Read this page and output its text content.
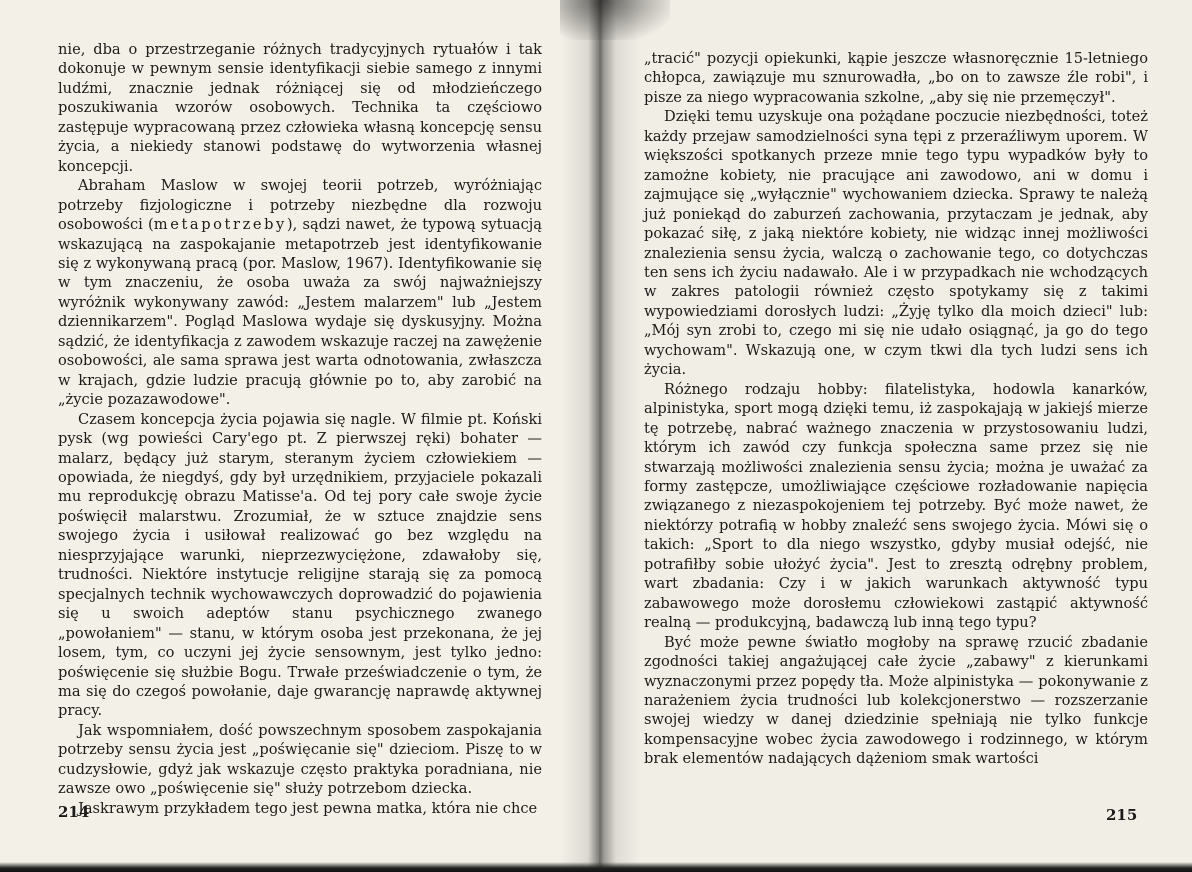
nie, dba o przestrzeganie różnych tradycyjnych rytuałów i tak dokonuje w pewnym sensie identyfikacji siebie samego z innymi ludźmi, znacznie jednak różniącej się od młodzieńczego poszukiwania wzorów osobowych. Technika ta częściowo zastępuje wypracowaną przez człowieka własną koncepcję sensu życia, a niekiedy stanowi podstawę do wytworzenia własnej koncepcji.

Abraham Maslow w swojej teorii potrzeb, wyróżniając potrzeby fizjologiczne i potrzeby niezbędne dla rozwoju osobowości (metapotrzeby), sądzi nawet, że typową sytuacją wskazującą na zaspokajanie metapotrzeb jest identyfikowanie się z wykonywaną pracą (por. Maslow, 1967). Identyfikowanie się w tym znaczeniu, że osoba uważa za swój najważniejszy wyróżnik wykonywany zawód: „Jestem malarzem" lub „Jestem dziennikarzem". Pogląd Maslowa wydaje się dyskusyjny. Można sądzić, że identyfikacja z zawodem wskazuje raczej na zawężenie osobowości, ale sama sprawa jest warta odnotowania, zwłaszcza w krajach, gdzie ludzie pracują głównie po to, aby zarobić na „życie pozazawodowe".

Czasem koncepcja życia pojawia się nagle. W filmie pt. Koński pysk (wg powieści Cary'ego pt. Z pierwszej ręki) bohater — malarz, będący już starym, steranym życiem człowiekiem — opowiada, że niegdyś, gdy był urzędnikiem, przyjaciele pokazali mu reprodukcję obrazu Matisse'a. Od tej pory całe swoje życie poświęcił malarstwu. Zrozumiał, że w sztuce znajdzie sens swojego życia i usiłował realizować go bez względu na niesprzyjające warunki, nieprzezwyciężone, zdawałoby się, trudności. Niektóre instytucje religijne starają się za pomocą specjalnych technik wychowawczych doprowadzić do pojawienia się u swoich adeptów stanu psychicznego zwanego „powołaniem" — stanu, w którym osoba jest przekonana, że jej losem, tym, co uczyni jej życie sensownym, jest tylko jedno: poświęcenie się służbie Bogu. Trwałe przeświadczenie o tym, że ma się do czegoś powołanie, daje gwarancję naprawdę aktywnej pracy.

Jak wspomniałem, dość powszechnym sposobem zaspokajania potrzeby sensu życia jest „poświęcanie się" dzieciom. Piszę to w cudzysłowie, gdyż jak wskazuje często praktyka poradniana, nie zawsze owo „poświęcenie się" służy potrzebom dziecka.

Jaskrawym przykładem tego jest pewna matka, która nie chce

214

„tracić" pozycji opiekunki, kąpie jeszcze własnoręcznie 15-letniego chłopca, zawiązuje mu sznurowadła, „bo on to zawsze źle robi", i pisze za niego wypracowania szkolne, „aby się nie przemęczył".

Dzięki temu uzyskuje ona pożądane poczucie niezbędności, toteż każdy przejaw samodzielności syna tępi z przeraźliwym uporem. W większości spotkanych przeze mnie tego typu wypadków były to zamożne kobiety, nie pracujące ani zawodowo, ani w domu i zajmujące się „wyłącznie" wychowaniem dziecka. Sprawy te należą już poniekąd do zaburzeń zachowania, przytaczam je jednak, aby pokazać siłę, z jaką niektóre kobiety, nie widząc innej możliwości znalezienia sensu życia, walczą o zachowanie tego, co dotychczas ten sens ich życiu nadawało. Ale i w przypadkach nie wchodzących w zakres patologii również często spotykamy się z takimi wypowiedziami dorosłych ludzi: „Żyję tylko dla moich dzieci" lub: „Mój syn zrobi to, czego mi się nie udało osiągnąć, ja go do tego wychowam". Wskazują one, w czym tkwi dla tych ludzi sens ich życia.

Różnego rodzaju hobby: filatelistyka, hodowla kanarków, alpinistyka, sport mogą dzięki temu, iż zaspokajają w jakiejś mierze tę potrzebę, nabrać ważnego znaczenia w przystosowaniu ludzi, którym ich zawód czy funkcja społeczna same przez się nie stwarzają możliwości znalezienia sensu życia; można je uważać za formy zastępcze, umożliwiające częściowe rozładowanie napięcia związanego z niezaspokojeniem tej potrzeby. Być może nawet, że niektórzy potrafią w hobby znaleźć sens swojego życia. Mówi się o takich: „Sport to dla niego wszystko, gdyby musiał odejść, nie potrafiłby sobie ułożyć życia". Jest to zresztą odrębny problem, wart zbadania: Czy i w jakich warunkach aktywność typu zabawowego może dorosłemu człowiekowi zastąpić aktywność realną — produkcyjną, badawczą lub inną tego typu?

Być może pewne światło mogłoby na sprawę rzucić zbadanie zgodności takiej angażującej całe życie „zabawy" z kierunkami wyznaczonymi przez popędy tła. Może alpinistyka — pokonywanie z narażeniem życia trudności lub kolekcjonerstwo — rozszerzanie swojej wiedzy w danej dziedzinie spełniają nie tylko funkcje kompensacyjne wobec życia zawodowego i rodzinnego, w którym brak elementów nadających dążeniom smak wartości

215
